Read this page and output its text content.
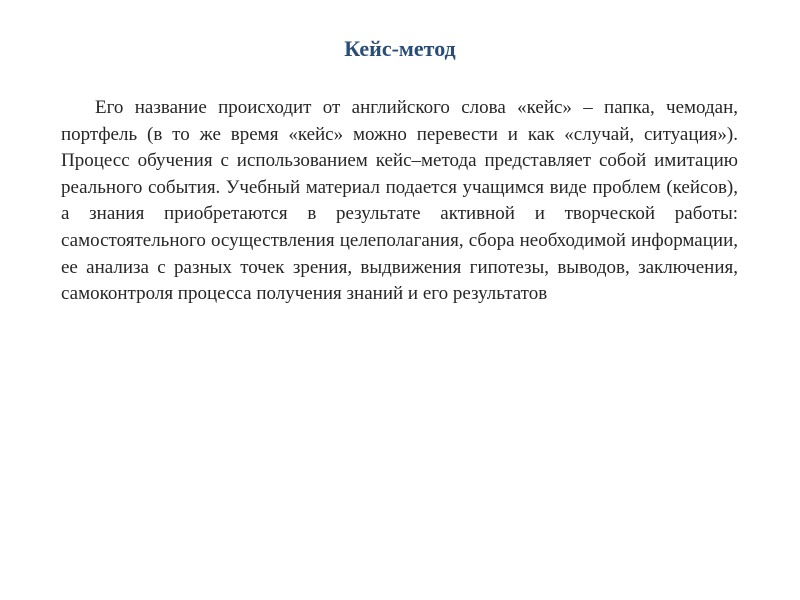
Кейс-метод

Его название происходит от английского слова «кейс» – папка, чемодан, портфель (в то же время «кейс» можно перевести и как «случай, ситуация»). Процесс обучения с использованием кейс–метода представляет собой имитацию реального события. Учебный материал подается учащимся виде проблем (кейсов), а знания приобретаются в результате активной и творческой работы: самостоятельного осуществления целеполагания, сбора необходимой информации, ее анализа с разных точек зрения, выдвижения гипотезы, выводов, заключения, самоконтроля процесса получения знаний и его результатов
